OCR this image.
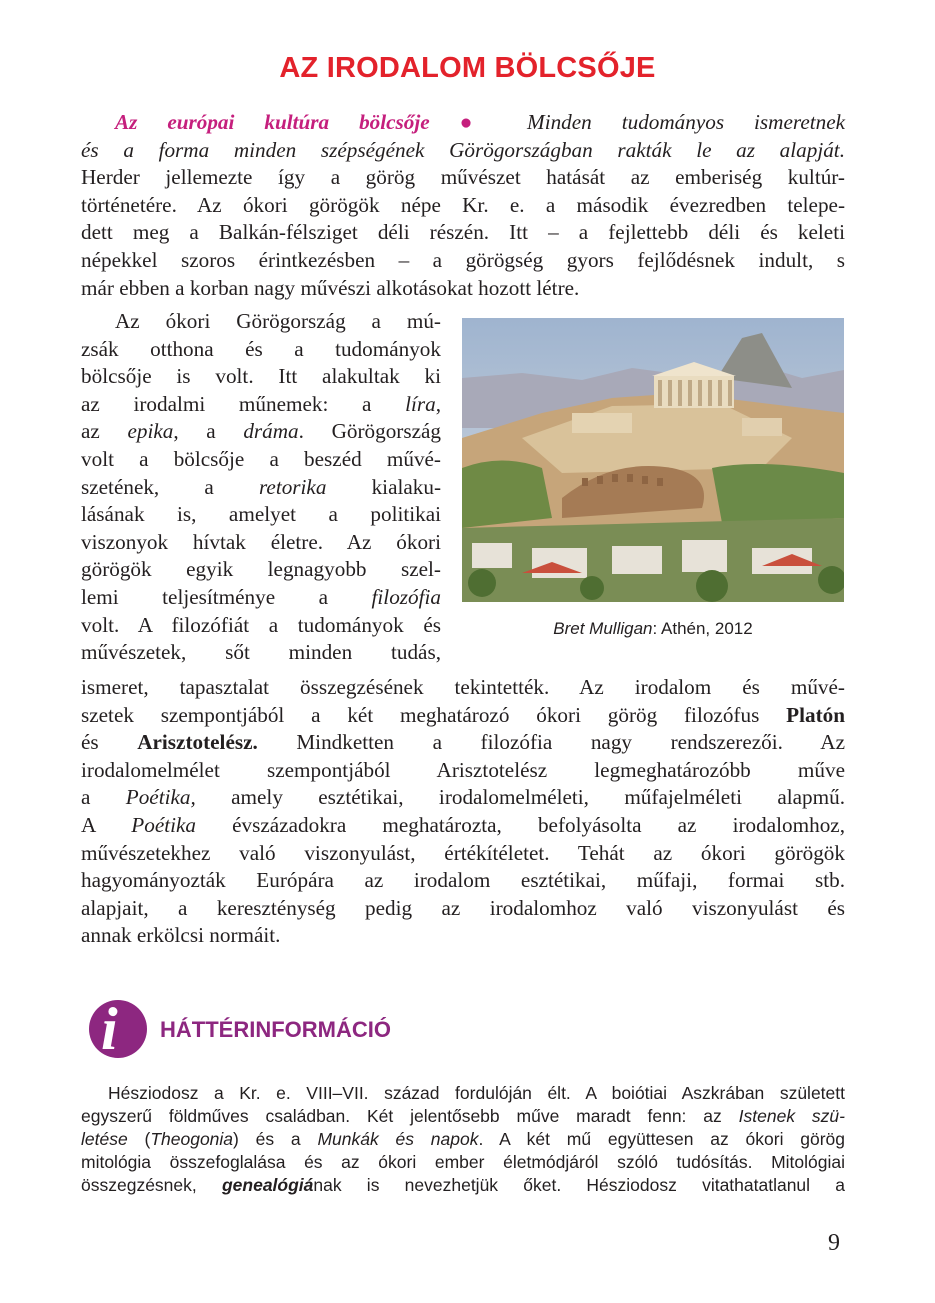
AZ IRODALOM BÖLCSŐJE
Az európai kultúra bölcsője ● Minden tudományos ismeretnek
és a forma minden szépségének Görögországban rakták le az alapját.
Herder jellemezte így a görög művészet hatását az emberiség kultúr-
történetére. Az ókori görögök népe Kr. e. a második évezredben telepe-
dett meg a Balkán-félsziget déli részén. Itt – a fejlettebb déli és keleti
népekkel szoros érintkezésben – a görögség gyors fejlődésnek indult, s
már ebben a korban nagy művészi alkotásokat hozott létre.
Az ókori Görögország a mú-
zsák otthona és a tudományok
bölcsője is volt. Itt alakultak ki
az irodalmi műnemek: a líra,
az epika, a dráma. Görögország
volt a bölcsője a beszéd művé-
szetének, a retorika kialaku-
lásának is, amelyet a politikai
viszonyok hívtak életre. Az ókori
görögök egyik legnagyobb szel-
lemi teljesítménye a filozófia
volt. A filozófiát a tudományok és
művészetek, sőt minden tudás,
Bret Mulligan: Athén, 2012
ismeret, tapasztalat összegzésének tekintették. Az irodalom és művé-
szetek szempontjából a két meghatározó ókori görög filozófus Platón
és Arisztotelész. Mindketten a filozófia nagy rendszerezői. Az
irodalomelmélet szempontjából Arisztotelész legmeghatározóbb műve
a Poétika, amely esztétikai, irodalomelméleti, műfajelméleti alapmű.
A Poétika évszázadokra meghatározta, befolyásolta az irodalomhoz,
művészetekhez való viszonyulást, értékítéletet. Tehát az ókori görögök
hagyományozták Európára az irodalom esztétikai, műfaji, formai stb.
alapjait, a kereszténység pedig az irodalomhoz való viszonyulást és
annak erkölcsi normáit.
i HÁTTÉRINFORMÁCIÓ
Hésziodosz a Kr. e. VIII–VII. század fordulóján élt. A boiótiai Aszkrában született
egyszerű földműves családban. Két jelentősebb műve maradt fenn: az Istenek szü-
letése (Theogonia) és a Munkák és napok. A két mű együttesen az ókori görög
mitológia összefoglalása és az ókori ember életmódjáról szóló tudósítás. Mitológiai
összegzésnek, genealógiának is nevezhetjük őket. Hésziodosz vitathatatlanul a
9
